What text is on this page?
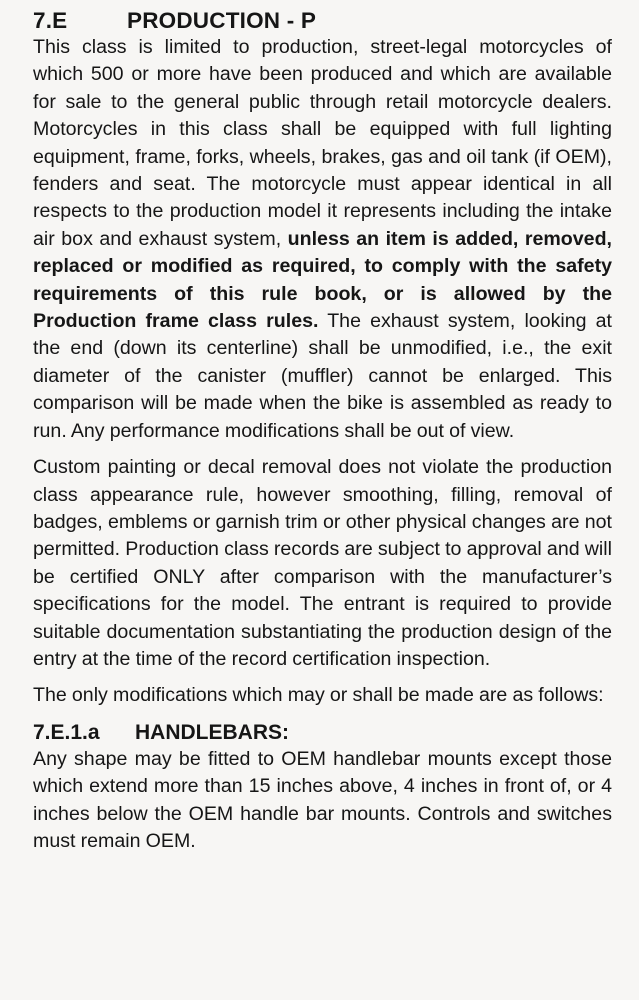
7.E	PRODUCTION - P

This class is limited to production, street-legal motorcycles of which 500 or more have been produced and which are available for sale to the general public through retail motorcycle dealers. Motorcycles in this class shall be equipped with full lighting equipment, frame, forks, wheels, brakes, gas and oil tank (if OEM), fenders and seat. The motorcycle must appear identical in all respects to the production model it represents including the intake air box and exhaust system, unless an item is added, removed, replaced or modified as required, to comply with the safety requirements of this rule book, or is allowed by the Production frame class rules. The exhaust system, looking at the end (down its centerline) shall be unmodified, i.e., the exit diameter of the canister (muffler) cannot be enlarged. This comparison will be made when the bike is assembled as ready to run. Any performance modifications shall be out of view.

Custom painting or decal removal does not violate the production class appearance rule, however smoothing, filling, removal of badges, emblems or garnish trim or other physical changes are not permitted. Production class records are subject to approval and will be certified ONLY after comparison with the manufacturer’s specifications for the model. The entrant is required to provide suitable documentation substantiating the production design of the entry at the time of the record certification inspection.

The only modifications which may or shall be made are as follows:

7.E.1.a HANDLEBARS:

Any shape may be fitted to OEM handlebar mounts except those which extend more than 15 inches above, 4 inches in front of, or 4 inches below the OEM handle bar mounts. Controls and switches must remain OEM.
